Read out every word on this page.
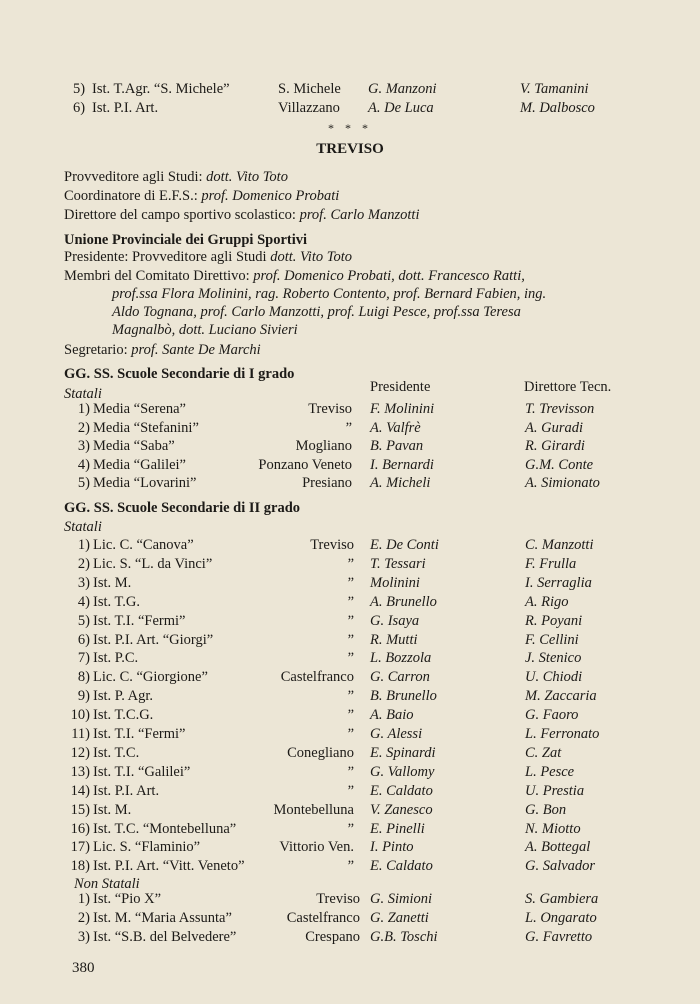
5) Ist. T.Agr. “S. Michele”	S. Michele G. Manzoni	V. Tamanini
6) Ist. P.I. Art.	Villazzano A. De Luca	M. Dalbosco
* * *
TREVISO
Provveditore agli Studi: dott. Vito Toto
Coordinatore di E.F.S.: prof. Domenico Probati
Direttore del campo sportivo scolastico: prof. Carlo Manzotti
Unione Provinciale dei Gruppi Sportivi
Presidente: Provveditore agli Studi dott. Vito Toto
Membri del Comitato Direttivo: prof. Domenico Probati, dott. Francesco Ratti,
prof.ssa Flora Molinini, rag. Roberto Contento, prof. Bernard Fabien, ing.
Aldo Tognana, prof. Carlo Manzotti, prof. Luigi Pesce, prof.ssa Teresa
Magnalbò, dott. Luciano Sivieri
Segretario: prof. Sante De Marchi
GG. SS. Scuole Secondarie di I grado
Presidente	Direttore Tecn.
Statali
1) Media “Serena”	Treviso F. Molinini	T. Trevisson
2) Media “Stefanini”	” A. Valfrè	A. Guradi
3) Media “Saba”	Mogliano B. Pavan	R. Girardi
4) Media “Galilei”	Ponzano Veneto I. Bernardi	G.M. Conte
5) Media “Lovarini”	Presiano A. Micheli	A. Simionato
GG. SS. Scuole Secondarie di II grado
Statali
1) Lic. C. “Canova”	Treviso E. De Conti	C. Manzotti
2) Lic. S. “L. da Vinci”	” T. Tessari	F. Frulla
3) Ist. M.	” Molinini	I. Serraglia
4) Ist. T.G.	” A. Brunello	A. Rigo
5) Ist. T.I. “Fermi”	” G. Isaya	R. Poyani
6) Ist. P.I. Art. “Giorgi”	” R. Mutti	F. Cellini
7) Ist. P.C.	” L. Bozzola	J. Stenico
8) Lic. C. “Giorgione”	Castelfranco G. Carron	U. Chiodi
9) Ist. P. Agr.	” B. Brunello	M. Zaccaria
10) Ist. T.C.G.	” A. Baio	G. Faoro
11) Ist. T.I. “Fermi”	” G. Alessi	L. Ferronato
12) Ist. T.C.	Conegliano E. Spinardi	C. Zat
13) Ist. T.I. “Galilei”	” G. Vallomy	L. Pesce
14) Ist. P.I. Art.	” E. Caldato	U. Prestia
15) Ist. M.	Montebelluna V. Zanesco	G. Bon
16) Ist. T.C. “Montebelluna”	” E. Pinelli	N. Miotto
17) Lic. S. “Flaminio”	Vittorio Ven. I. Pinto	A. Bottegal
18) Ist. P.I. Art. “Vitt. Veneto”	” E. Caldato	G. Salvador
Non Statali
1) Ist. “Pio X”	Treviso G. Simioni	S. Gambiera
2) Ist. M. “Maria Assunta”	Castelfranco G. Zanetti	L. Ongarato
3) Ist. “S.B. del Belvedere”	Crespano G.B. Toschi	G. Favretto
380
